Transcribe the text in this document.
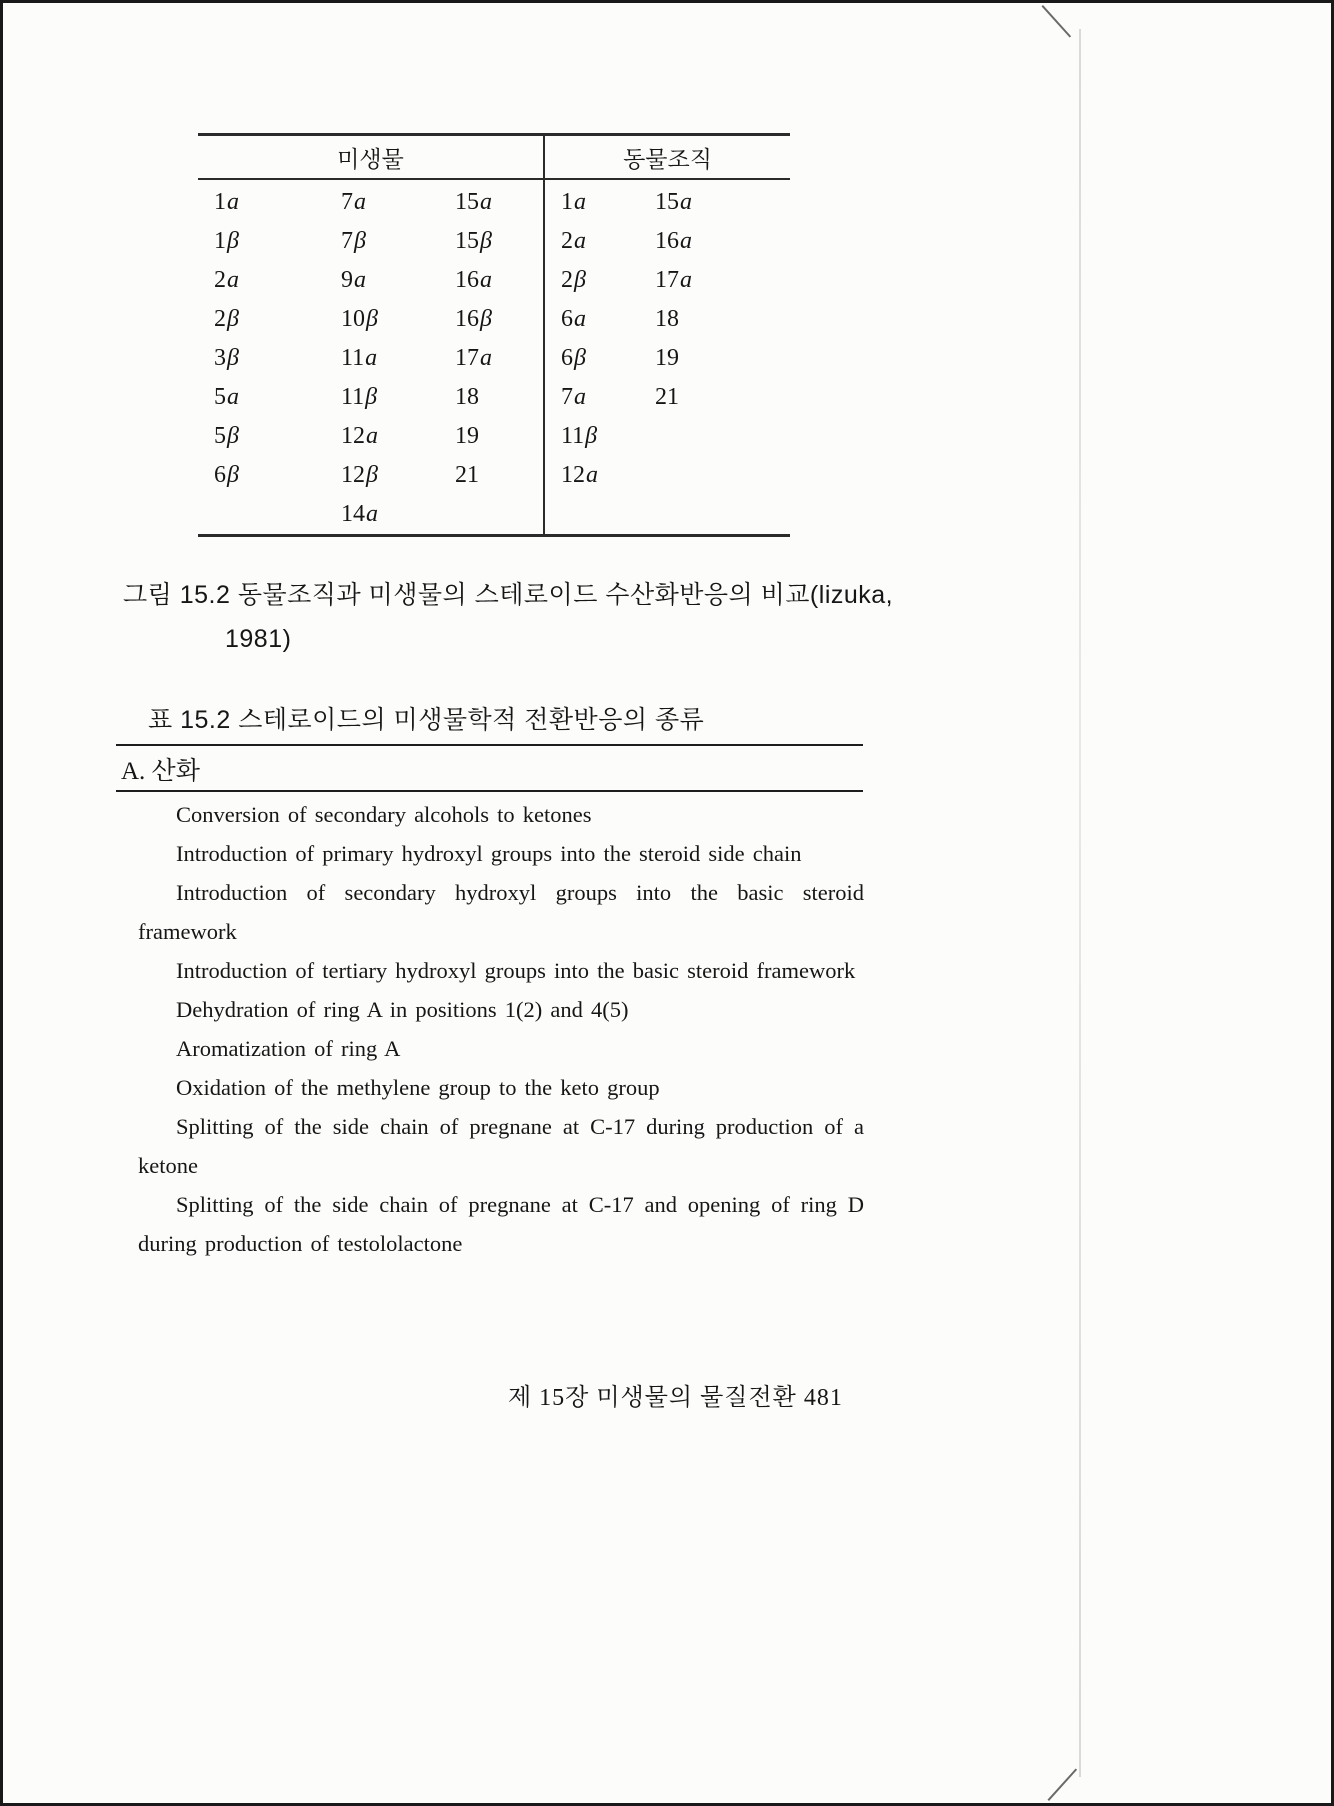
미생물
1 a
1 β
2 a
2 β
3 β
5 a
5 β
6 β
7 a
7 β
9 a
10 β
11 a
11 β
12 a
12 β
14 a
15 a
15 β
16 a
16 β
17 a
18
19
21
동물조직
1 a
2 a
2 β
6 a
6 β
7 a
11 β
12 a
15 a
16 a
17 a
18
19
21
그림 15.2 동물조직과 미생물의 스테로이드 수산화반응의 비교(lizuka,
1981)
표 15.2 스테로이드의 미생물학적 전환반응의 종류
A. 산화

Conversion of secondary alcohols to ketones

Introduction of primary hydroxyl groups into the steroid side chain

Introduction of secondary hydroxyl groups into the basic steroid framework

Introduction of tertiary hydroxyl groups into the basic steroid framework

Dehydration of ring A in positions 1(2) and 4(5)

Aromatization of ring A

Oxidation of the methylene group to the keto group

Splitting of the side chain of pregnane at C-17 during production of a ketone

Splitting of the side chain of pregnane at C-17 and opening of ring D during production of testololactone

제 15장 미생물의 물질전환 481
